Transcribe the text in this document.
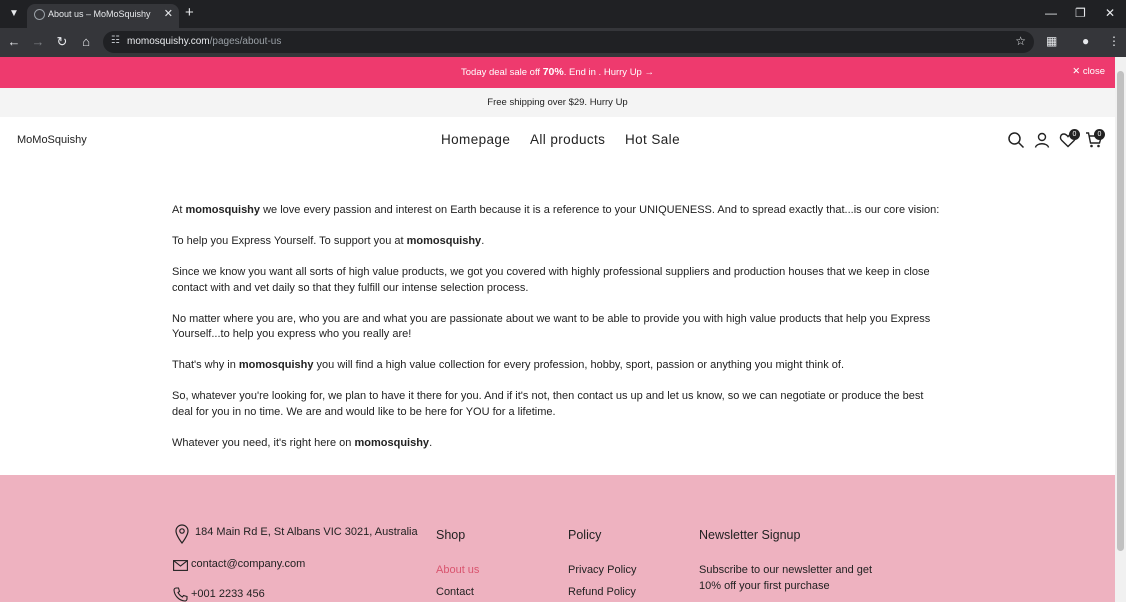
▼	About us – MoMoSquishy ✕ +	— ❐ ✕
← → ↻	⌂	☷ momosquishy.com/pages/about-us	☆ ▦ ● ⋮
Today deal sale off 70%. End in . Hurry Up →	✕ close
Free shipping over $29. Hurry Up
MoMoSquishy	Homepage All products Hot Sale	0	0

At momosquishy we love every passion and interest on Earth because it is a reference to your UNIQUENESS. And to spread exactly that...is our core vision:

To help you Express Yourself. To support you at momosquishy.

Since we know you want all sorts of high value products, we got you covered with highly professional suppliers and production houses that we keep in close contact with and vet daily so that they fulfill our intense selection process.

No matter where you are, who you are and what you are passionate about we want to be able to provide you with high value products that help you Express Yourself...to help you express who you really are!

That's why in momosquishy you will find a high value collection for every profession, hobby, sport, passion or anything you might think of.

So, whatever you're looking for, we plan to have it there for you. And if it's not, then contact us up and let us know, so we can negotiate or produce the best deal for you in no time. We are and would like to be here for YOU for a lifetime.

Whatever you need, it's right here on momosquishy.

184 Main Rd E, St Albans VIC 3021, Australia
contact@company.com
+001 2233 456
Shop
About us
Contact
Policy
Privacy Policy
Refund Policy
Newsletter Signup
Subscribe to our newsletter and get 10% off your first purchase
